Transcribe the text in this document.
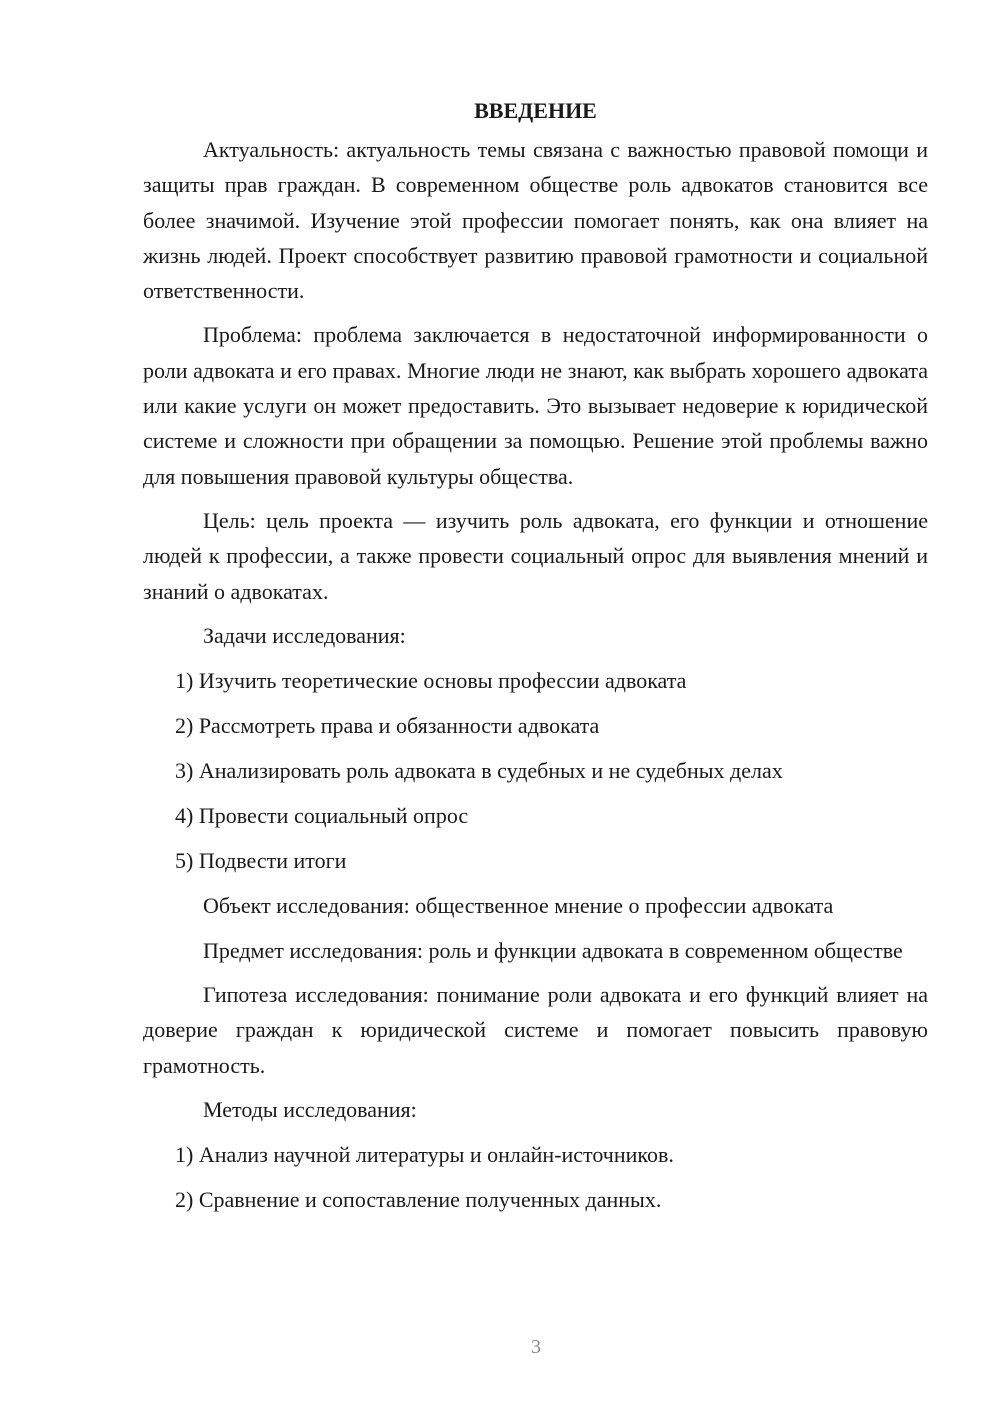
ВВЕДЕНИЕ

Актуальность: актуальность темы связана с важностью правовой помощи и защиты прав граждан. В современном обществе роль адвокатов становится все более значимой. Изучение этой профессии помогает понять, как она влияет на жизнь людей. Проект способствует развитию правовой грамотности и социальной ответственности.

Проблема: проблема заключается в недостаточной информированности о роли адвоката и его правах. Многие люди не знают, как выбрать хорошего адвоката или какие услуги он может предоставить. Это вызывает недоверие к юридической системе и сложности при обращении за помощью. Решение этой проблемы важно для повышения правовой культуры общества.

Цель: цель проекта — изучить роль адвоката, его функции и отношение людей к профессии, а также провести социальный опрос для выявления мнений и знаний о адвокатах.

Задачи исследования:

1) Изучить теоретические основы профессии адвоката

2) Рассмотреть права и обязанности адвоката

3) Анализировать роль адвоката в судебных и не судебных делах

4) Провести социальный опрос

5) Подвести итоги

Объект исследования: общественное мнение о профессии адвоката

Предмет исследования: роль и функции адвоката в современном обществе

Гипотеза исследования: понимание роли адвоката и его функций влияет на доверие граждан к юридической системе и помогает повысить правовую грамотность.

Методы исследования:

1) Анализ научной литературы и онлайн-источников.

2) Сравнение и сопоставление полученных данных.

3
